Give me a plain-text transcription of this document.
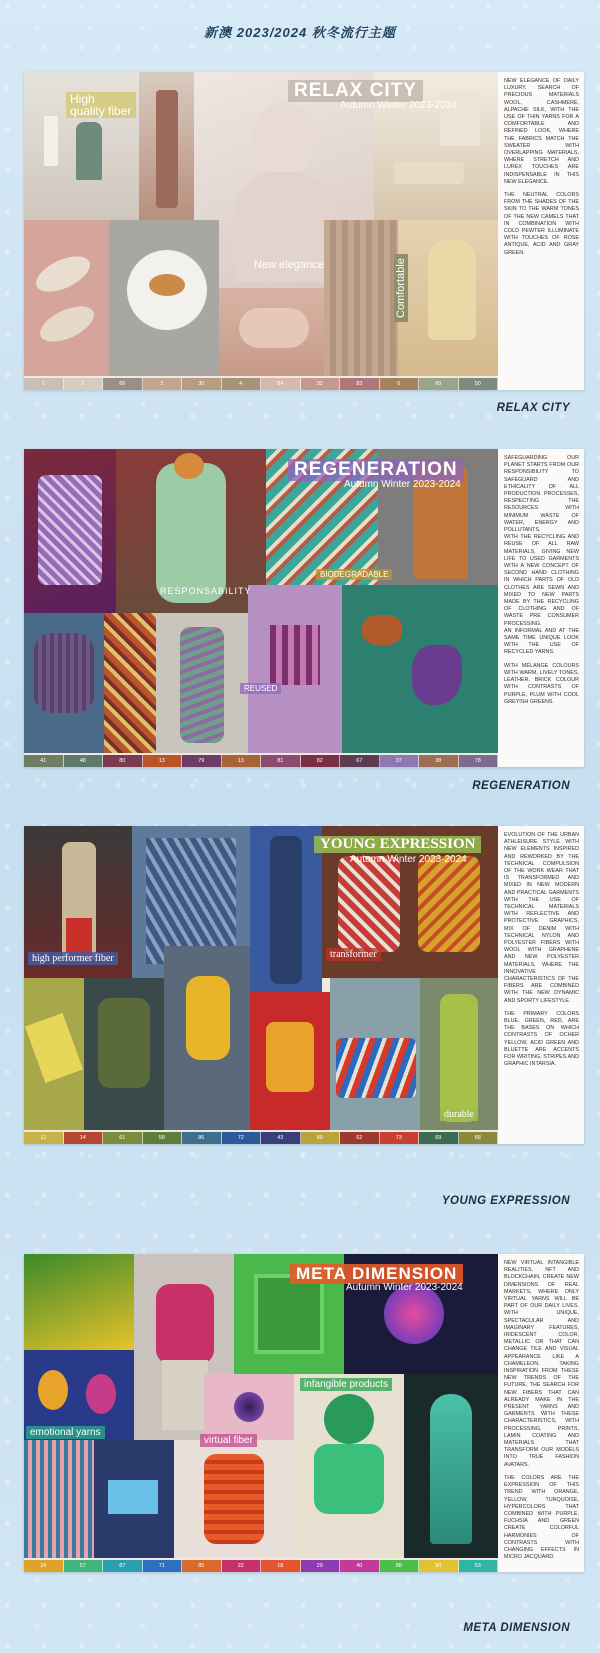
新澳 2023/2024 秋冬流行主题
RELAX CITY
Autumn Winter 2023-2024
High quality fiber
New elegance	Comfortable

NEW ELEGANCE OF DAILY LUXURY, SEARCH OF PRECIOUS MATERIALS WOOL, CASHMERE, ALPACHE SILK, WITH THE USE OF THIN YARNS FOR A COMFORTABLE AND REFINED LOOK, WHERE THE FABRICS MATCH THE SWEATER WITH OVERLAPPING MATERIALS, WHERE STRETCH AND LUREX TOUCHES ARE INDISPENSABLE IN THIS NEW ELEGANCE.

THE NEUTRAL COLORS FROM THE SHADES OF THE SKIN TO THE WARM TONES OF THE NEW CAMELS THAT IN COMBINATION WITH COLD PEWTER ILLUMINATE WITH TOUCHES OF ROSE ANTIQUE, ACID AND GRAY GREEN.

1	2	66	3	30	4	84	32	83	6	60	50
RELAX CITY
REGENERATION
Autumn Winter 2023-2024
RESPONSABILITY
BIODEGRADABLE
REUSED

SAFEGUARDING OUR PLANET STARTS FROM OUR RESPONSIBILITY TO SAFEGUARD AND ETHICALITY OF ALL PRODUCTION PROCESSES, RESPECTING THE RESOURCES WITH MINIMUM WASTE OF WATER, ENERGY AND POLLUTANTS.

WITH THE RECYCLING AND REUSE OF ALL RAW MATERIALS, GIVING NEW LIFE TO USED GARMENTS WITH A NEW CONCEPT OF SECOND HAND CLOTHING IN WHICH PARTS OF OLD CLOTHES ARE SEWN AND MIXED TO NEW PARTS MADE BY THE RECYCLING OF CLOTHING AND OF WASTE PRE CONSUMER PROCESSING.

AN INFORMAL AND AT THE SAME TIME UNIQUE LOOK WITH THE USE OF RECYCLED YARNS.

WITH MÉLANGE COLOURS WITH WARM, LIVELY TONES, LEATHER, BRICK COLOUR WITH CONTRASTS OF PURPLE, PLUM WITH COOL GREYISH GREENS.

41	48	80	13	79	13	81	82	67	37	38	78
REGENERATION
YOUNG EXPRESSION
Autumn Winter 2023-2024
high performer fiber	transformer
durable

EVOLUTION OF THE URBAN ATHLEISURE STYLE WITH NEW ELEMENTS INSPIRED AND REWORKED BY THE TECHNICAL COMPULSION OF THE WORK WEAR THAT IS TRANSFORMED AND MIXED IN NEW MODERN AND PRACTICAL GARMENTS WITH THE USE OF TECHNICAL MATERIALS WITH REFLECTIVE AND PROTECTIVE GRAPHICS, MIX OF DENIM WITH TECHNICAL NYLON AND POLYESTER FIBERS WITH WOOL WITH GRAPHENE AND NEW POLYESTER MATERIALS, WHERE THE INNOVATIVE CHARACTERISTICS OF THE FIBERS ARE COMBINED WITH THE NEW DYNAMIC AND SPORTY LIFESTYLE.

THE PRIMARY COLORS BLUE, GREEN, RED, ARE THE BASES ON WHICH CONTRASTS OF OCHER YELLOW, ACID GREEN AND BLUETTE ARE ACCENTS FOR WRITING, STRIPES AND GRAPHIC INTARSIA.

12	14	61	58	86	72	43	89	62	73	69	68
YOUNG EXPRESSION
META DIMENSION
Autumn Winter 2023-2024
emotional yarns
infangible products
virtual fiber

NEW VIRTUAL INTANGIBLE REALITIES, NFT AND BLOCKCHAIN, CREATE NEW DIMENSIONS OF REAL MARKETS, WHERE ONLY VIRTUAL YARNS WILL BE PART OF OUR DAILY LIVES. WITH UNIQUE, SPECTACULAR AND IMAGINARY FEATURES, IRIDESCENT COLOR, METALLIC OR THAT CAN CHANGE TILE AND VISUAL APPEARANCE LIKE A CHAMELEON. TAKING INSPIRATION FROM THESE NEW TRENDS OF THE FUTURE, THE SEARCH FOR NEW FIBERS THAT CAN ALREADY MAKE IN THE PRESENT YARNS AND GARMENTS WITH THESE CHARACTERISTICS, WITH PROCESSING, PRINTS, LAMIN COATING AND MATERIALS THAT TRANSFORM OUR MODELS INTO TRUE FASHION AVATARS.

THE COLORS ARE THE EXPRESSION OF THIS TREND WITH ORANGE, YELLOW, TURQUOISE, HYPERCOLORS THAT COMBINED WITH PURPLE, FUCHSIA AND GREEN CREATE COLORFUL HARMONIES OF CONTRASTS WITH CHANGING EFFECTS IN MICRO JACQUARD.

24	57	87	71	85	22	18	29	40	88	90	53
META DIMENSION
